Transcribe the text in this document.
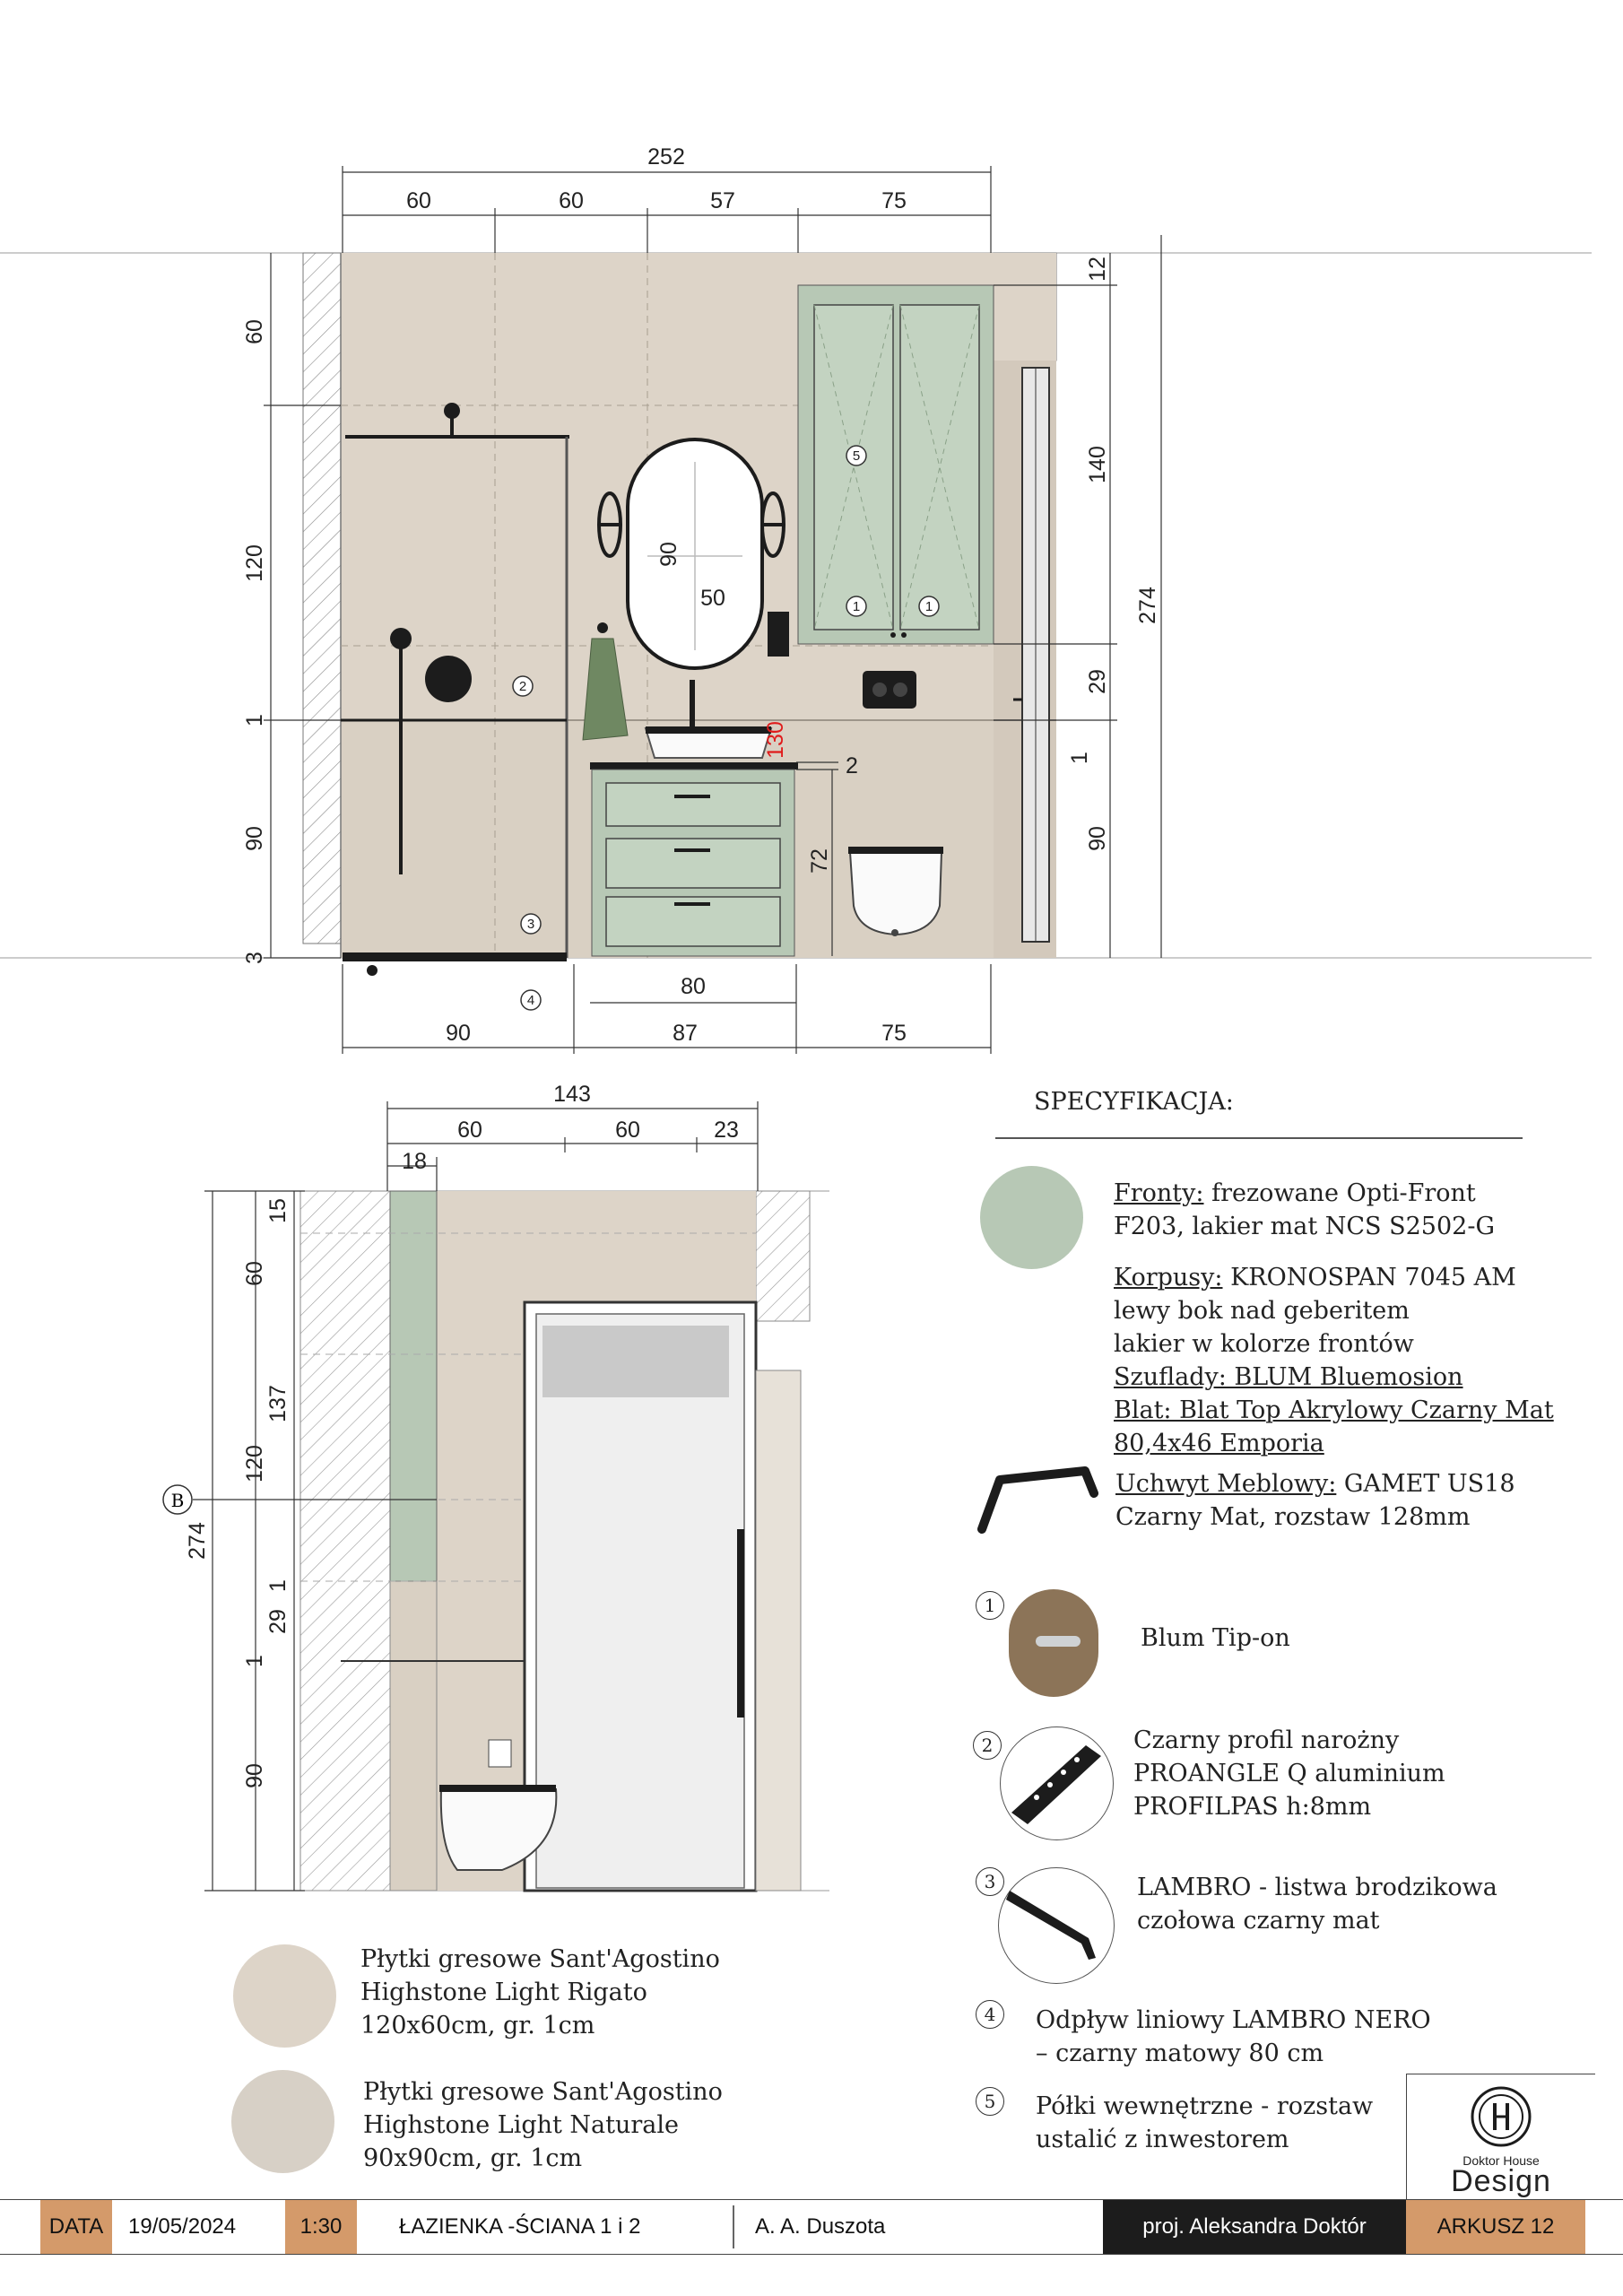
5
1	1
2
3
4
252
60	60	57	75
80
90	87	75
60
120
1
90
3
12
140
29
1
90
274
90
50
130
2
72
143
60	60	23
18
274
15
60
137
120
1
29
1
90
B
SPECYFIKACJA:
Fronty: frezowane Opti-Front
F203, lakier mat NCS S2502-G
Korpusy: KRONOSPAN 7045 AM
lewy bok nad geberitem
lakier w kolorze frontów
Szuflady: BLUM Bluemosion
Blat: Blat Top Akrylowy Czarny Mat
80,4x46 Emporia
Uchwyt Meblowy: GAMET US18
Czarny Mat, rozstaw 128mm
1
Blum Tip-on
2	Czarny profil narożny
PROANGLE Q aluminium
PROFILPAS h:8mm
3	LAMBRO - listwa brodzikowa
czołowa czarny mat
4	Odpływ liniowy LAMBRO NERO
– czarny matowy 80 cm
5	Półki wewnętrzne - rozstaw
ustalić z inwestorem
Płytki gresowe Sant'Agostino
Highstone Light Rigato
120x60cm, gr. 1cm
Płytki gresowe Sant'Agostino
Highstone Light Naturale
90x90cm, gr. 1cm	Doktor House
Design
DATA	19/05/2024	1:30	ŁAZIENKA -ŚCIANA 1 i 2	A. A. Duszota	proj. Aleksandra Doktór	ARKUSZ 12
